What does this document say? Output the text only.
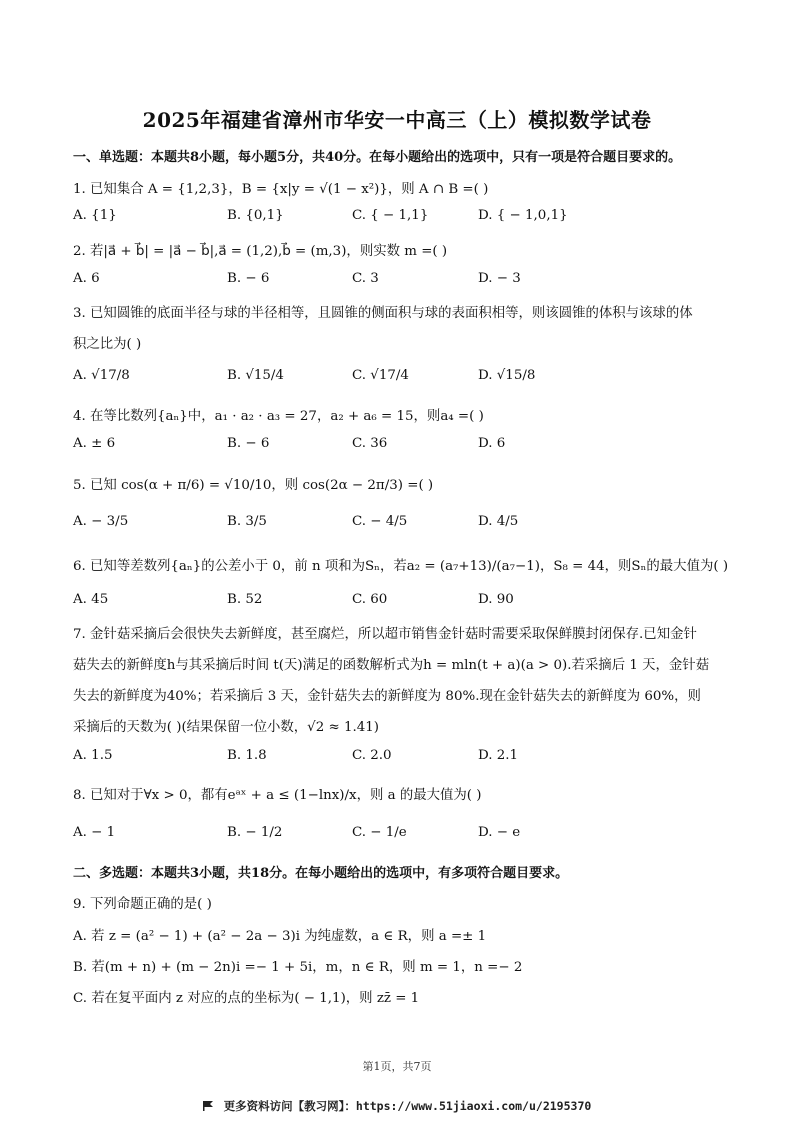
2025年福建省漳州市华安一中高三（上）模拟数学试卷
一、单选题：本题共8小题，每小题5分，共40分。在每小题给出的选项中，只有一项是符合题目要求的。
1. 已知集合 A = {1,2,3}，B = {x|y = √(1 − x²)}，则 A ∩ B =( )
A. {1}	B. {0,1}	C. { − 1,1}	D. { − 1,0,1}
2. 若|a⃗ + b⃗| = |a⃗ − b⃗|,a⃗ = (1,2),b⃗ = (m,3)，则实数 m =( )
A. 6	B. − 6	C. 3	D. − 3
3. 已知圆锥的底面半径与球的半径相等，且圆锥的侧面积与球的表面积相等，则该圆锥的体积与该球的体
积之比为( )
A. √17/8	B. √15/4	C. √17/4	D. √15/8
4. 在等比数列{aₙ}中，a₁ · a₂ · a₃ = 27，a₂ + a₆ = 15，则a₄ =( )
A. ± 6	B. − 6	C. 36	D. 6
5. 已知 cos(α + π/6) = √10/10，则 cos(2α − 2π/3) =( )
A. − 3/5	B. 3/5	C. − 4/5	D. 4/5
6. 已知等差数列{aₙ}的公差小于 0，前 n 项和为Sₙ，若a₂ = (a₇+13)/(a₇−1)，S₈ = 44，则Sₙ的最大值为( )
A. 45	B. 52	C. 60	D. 90
7. 金针菇采摘后会很快失去新鲜度，甚至腐烂，所以超市销售金针菇时需要采取保鲜膜封闭保存.已知金针
菇失去的新鲜度h与其采摘后时间 t(天)满足的函数解析式为h = mln(t + a)(a > 0).若采摘后 1 天，金针菇
失去的新鲜度为40%；若采摘后 3 天，金针菇失去的新鲜度为 80%.现在金针菇失去的新鲜度为 60%，则
采摘后的天数为( )(结果保留一位小数，√2 ≈ 1.41)
A. 1.5	B. 1.8	C. 2.0	D. 2.1
8. 已知对于∀x > 0，都有eᵃˣ + a ≤ (1−lnx)/x，则 a 的最大值为( )
A. − 1	B. − 1/2	C. − 1/e	D. − e
二、多选题：本题共3小题，共18分。在每小题给出的选项中，有多项符合题目要求。
9. 下列命题正确的是( )
A. 若 z = (a² − 1) + (a² − 2a − 3)i 为纯虚数，a ∈ R，则 a =± 1
B. 若(m + n) + (m − 2n)i =− 1 + 5i，m，n ∈ R，则 m = 1，n =− 2
C. 若在复平面内 z 对应的点的坐标为( − 1,1)，则 zz̄ = 1
第1页，共7页
更多资料访问【教习网】：https://www.51jiaoxi.com/u/2195370
